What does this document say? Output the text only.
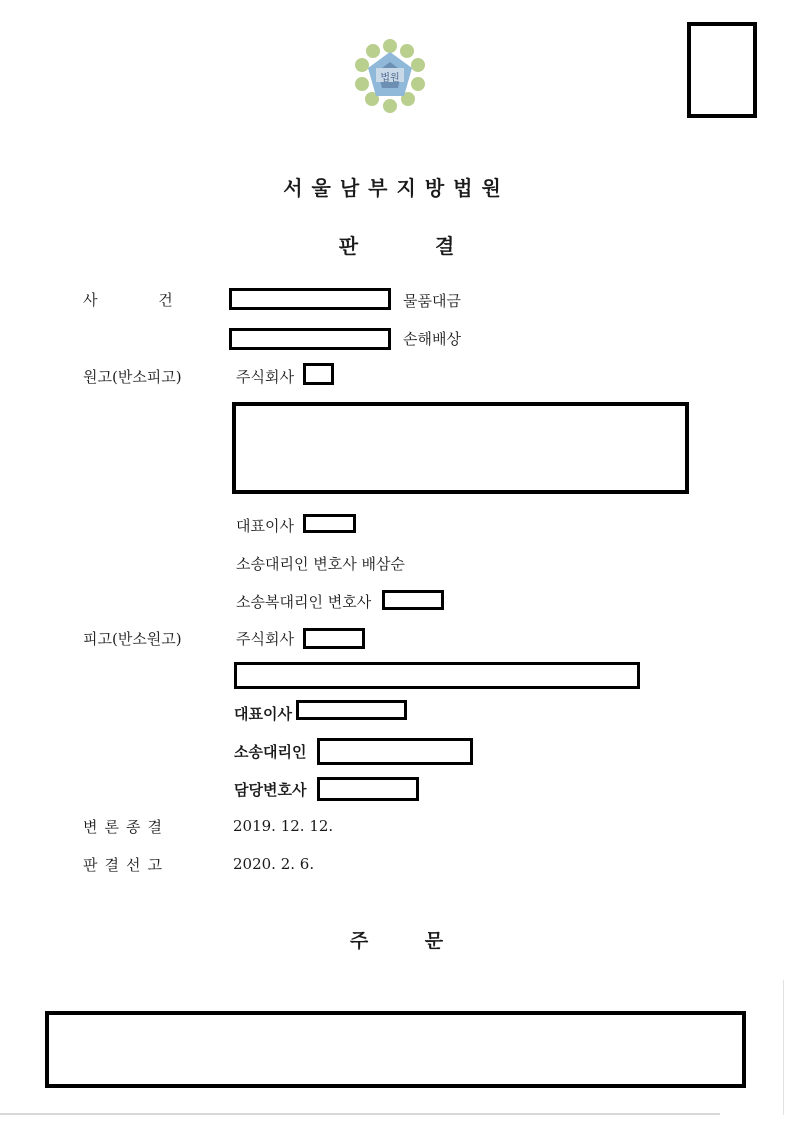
법원
서울남부지방법원
판 결
사 건	물품대금
손해배상
원고(반소피고)	주식회사
대표이사
소송대리인 변호사 배삼순
소송복대리인 변호사
피고(반소원고)	주식회사
대표이사
소송대리인
담당변호사
변론종결	2019. 12. 12.
판결선고	2020. 2. 6.
주 문
